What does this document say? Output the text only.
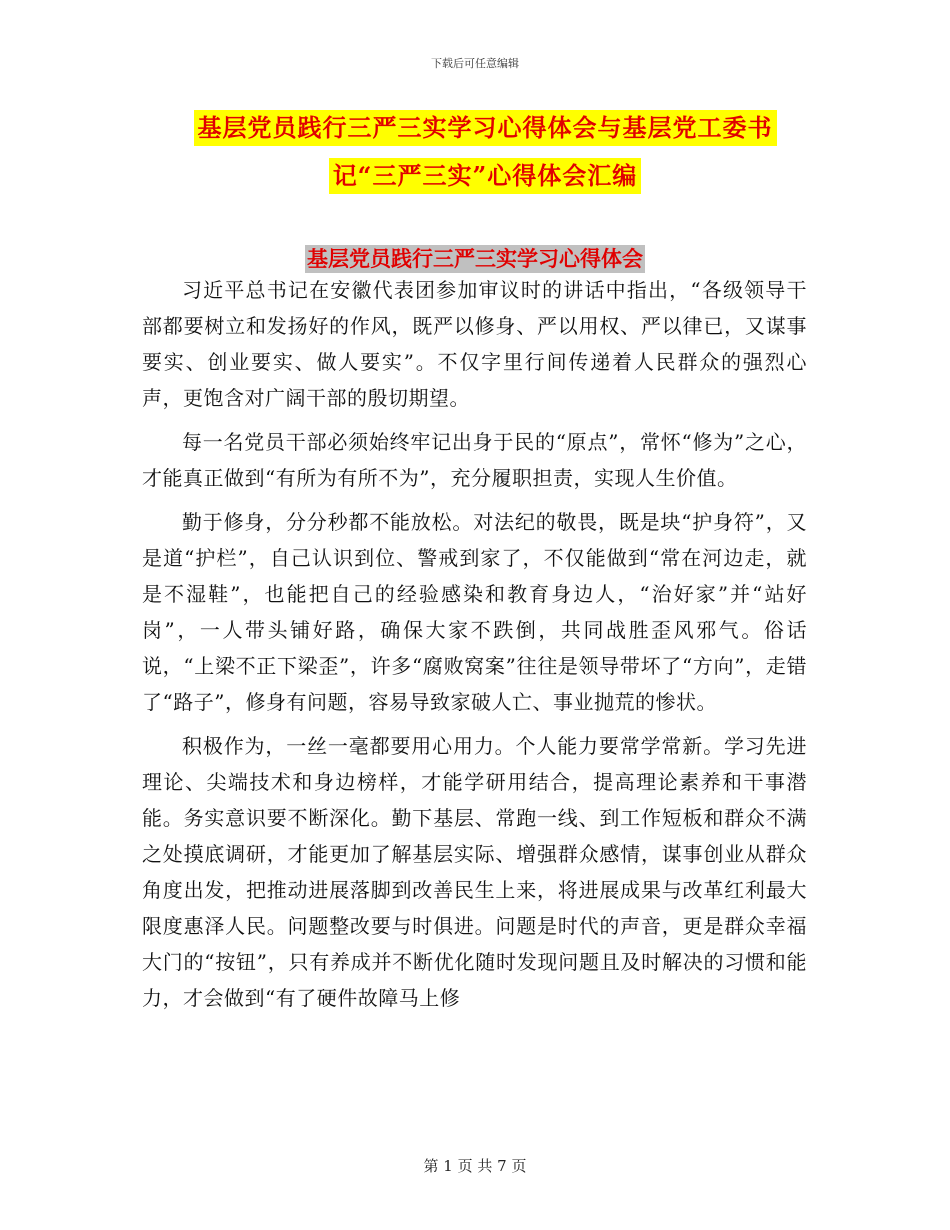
下载后可任意编辑
基层党员践行三严三实学习心得体会与基层党工委书
记“三严三实”心得体会汇编
基层党员践行三严三实学习心得体会

习近平总书记在安徽代表团参加审议时的讲话中指出，“各级领导干部都要树立和发扬好的作风，既严以修身、严以用权、严以律已，又谋事要实、创业要实、做人要实”。不仅字里行间传递着人民群众的强烈心声，更饱含对广阔干部的殷切期望。

每一名党员干部必须始终牢记出身于民的“原点”，常怀“修为”之心，才能真正做到“有所为有所不为”，充分履职担责，实现人生价值。

勤于修身，分分秒都不能放松。对法纪的敬畏，既是块“护身符”，又是道“护栏”，自己认识到位、警戒到家了，不仅能做到“常在河边走，就是不湿鞋”，也能把自己的经验感染和教育身边人，“治好家”并“站好岗”，一人带头铺好路，确保大家不跌倒，共同战胜歪风邪气。俗话说，“上梁不正下梁歪”，许多“腐败窝案”往往是领导带坏了“方向”，走错了“路子”，修身有问题，容易导致家破人亡、事业抛荒的惨状。

积极作为，一丝一毫都要用心用力。个人能力要常学常新。学习先进理论、尖端技术和身边榜样，才能学研用结合，提高理论素养和干事潜能。务实意识要不断深化。勤下基层、常跑一线、到工作短板和群众不满之处摸底调研，才能更加了解基层实际、增强群众感情，谋事创业从群众角度出发，把推动进展落脚到改善民生上来，将进展成果与改革红利最大限度惠泽人民。问题整改要与时俱进。问题是时代的声音，更是群众幸福大门的“按钮”，只有养成并不断优化随时发现问题且及时解决的习惯和能力，才会做到“有了硬件故障马上修

第 1 页 共 7 页
